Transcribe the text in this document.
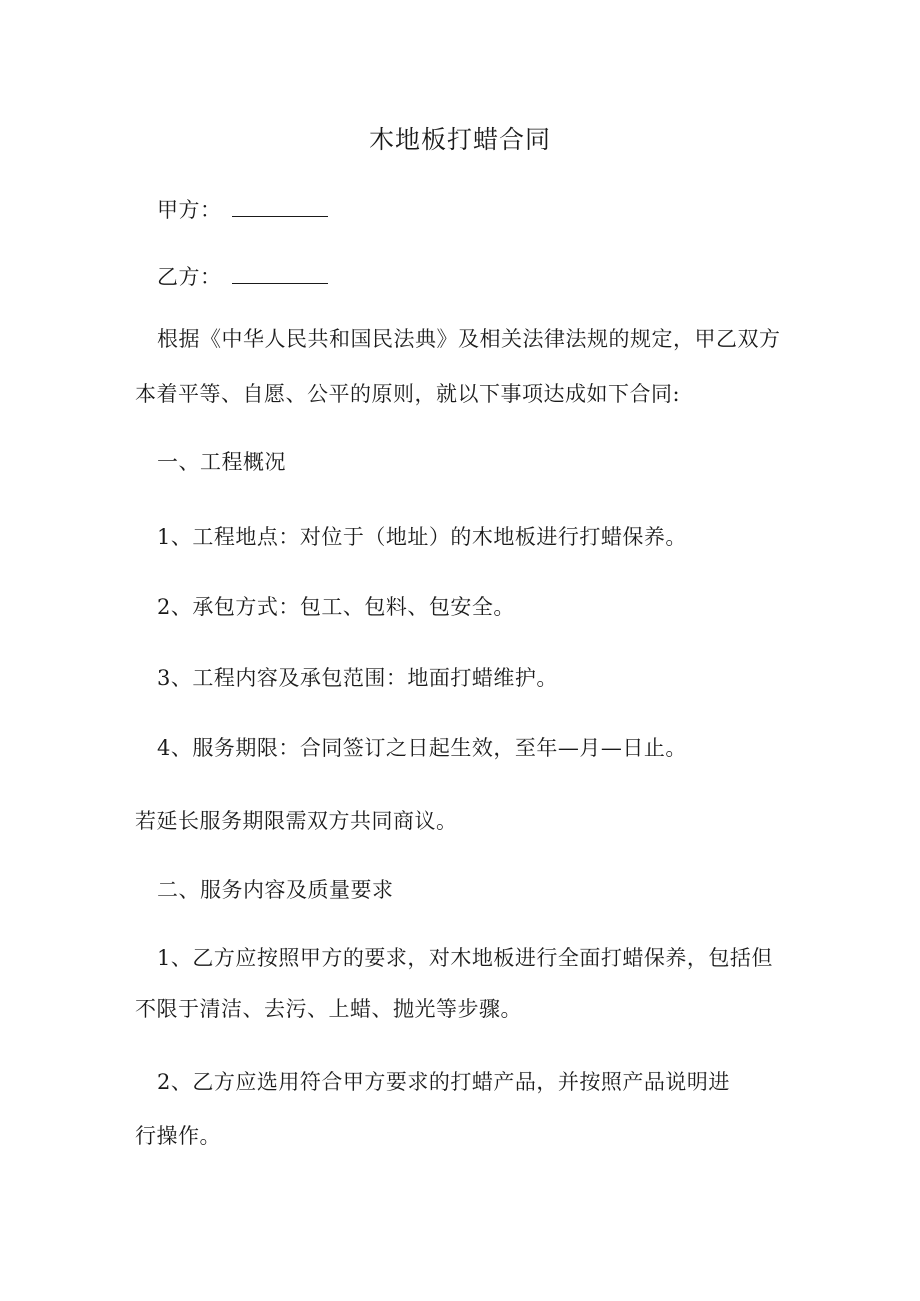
木地板打蜡合同
甲方：
乙方：
根据《中华人民共和国民法典》及相关法律法规的规定，甲乙双方
本着平等、自愿、公平的原则，就以下事项达成如下合同:
一、工程概况
1、工程地点：对位于（地址）的木地板进行打蜡保养。
2、承包方式：包工、包料、包安全。
3、工程内容及承包范围：地面打蜡维护。
4、服务期限：合同签订之日起生效，至年—月—日止。
若延长服务期限需双方共同商议。
二、服务内容及质量要求
1、乙方应按照甲方的要求，对木地板进行全面打蜡保养，包括但
不限于清洁、去污、上蜡、抛光等步骤。
2、乙方应选用符合甲方要求的打蜡产品，并按照产品说明进
行操作。
